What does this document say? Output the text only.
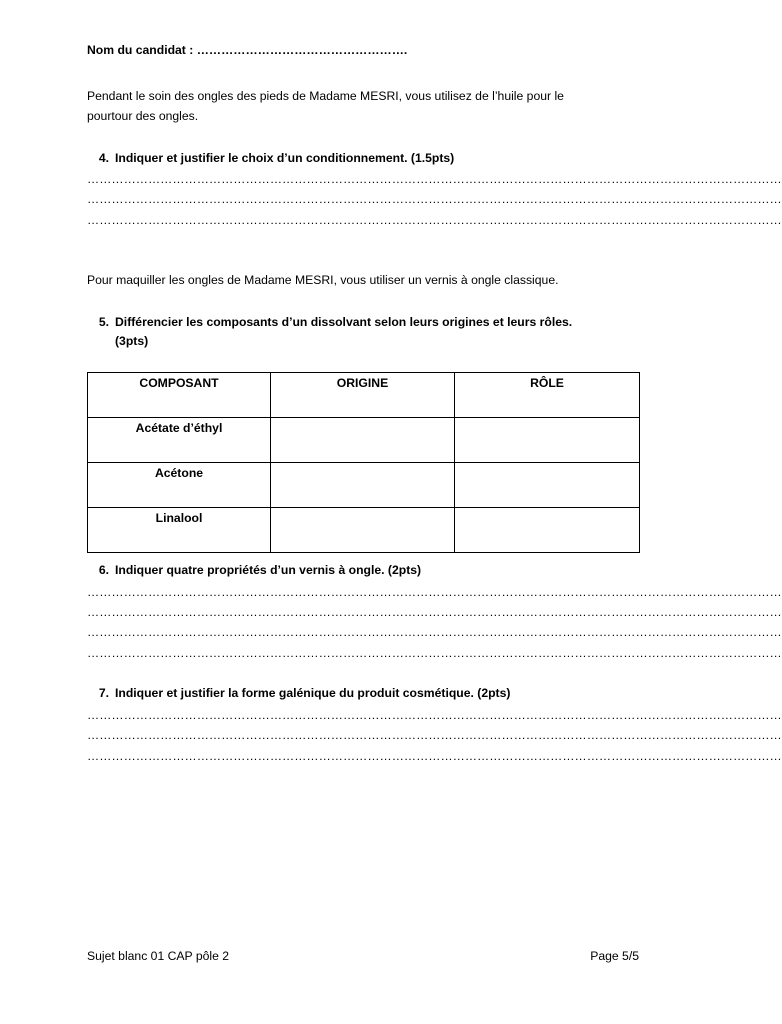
Nom du candidat : …………………………………………….
Pendant le soin des ongles des pieds de Madame MESRI, vous utilisez de l’huile pour le
pourtour des ongles.
4. Indiquer et justifier le choix d’un conditionnement. (1.5pts)
………………………………………………………………………………………………………………………………………………………
………………………………………………………………………………………………………………………………………………………
………………………………………………………………………………………………………………………………………………………
Pour maquiller les ongles de Madame MESRI, vous utiliser un vernis à ongle classique.
5. Différencier les composants d’un dissolvant selon leurs origines et leurs rôles.
(3pts)
COMPOSANT	ORIGINE	RÔLE
Acétate d’éthyl		
Acétone		
Linalool		
6. Indiquer quatre propriétés d’un vernis à ongle. (2pts)
………………………………………………………………………………………………………………………………………………………
………………………………………………………………………………………………………………………………………………………
………………………………………………………………………………………………………………………………………………………
………………………………………………………………………………………………………………………………………………………
7. Indiquer et justifier la forme galénique du produit cosmétique. (2pts)
………………………………………………………………………………………………………………………………………………………
………………………………………………………………………………………………………………………………………………………
………………………………………………………………………………………………………………………………………………………
Sujet blanc 01 CAP pôle 2	Page 5/5
